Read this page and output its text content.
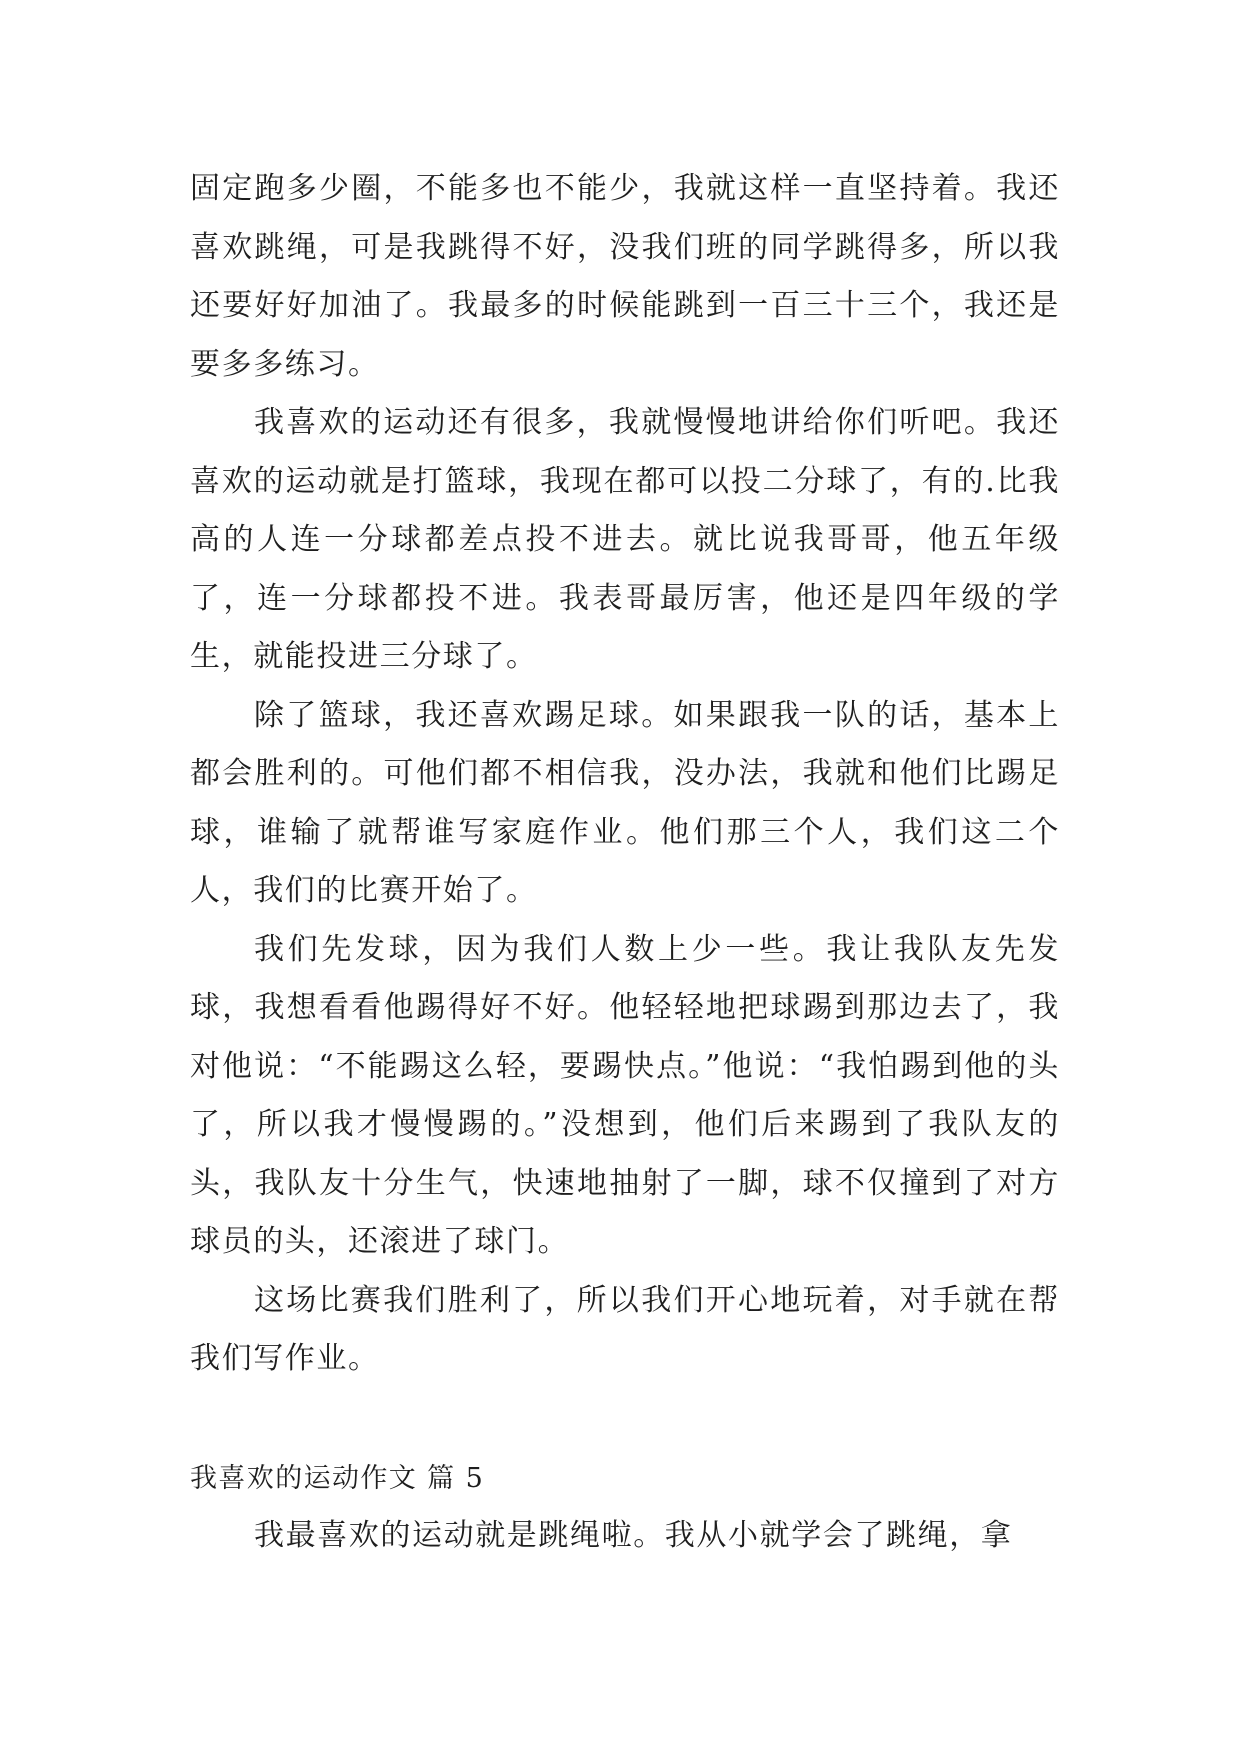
固定跑多少圈，不能多也不能少，我就这样一直坚持着。我还喜欢跳绳，可是我跳得不好，没我们班的同学跳得多，所以我还要好好加油了。我最多的时候能跳到一百三十三个，我还是要多多练习。

我喜欢的运动还有很多，我就慢慢地讲给你们听吧。我还喜欢的运动就是打篮球，我现在都可以投二分球了，有的.比我高的人连一分球都差点投不进去。就比说我哥哥，他五年级了，连一分球都投不进。我表哥最厉害，他还是四年级的学生，就能投进三分球了。

除了篮球，我还喜欢踢足球。如果跟我一队的话，基本上都会胜利的。可他们都不相信我，没办法，我就和他们比踢足球，谁输了就帮谁写家庭作业。他们那三个人，我们这二个人，我们的比赛开始了。

我们先发球，因为我们人数上少一些。我让我队友先发球，我想看看他踢得好不好。他轻轻地把球踢到那边去了，我对他说：“不能踢这么轻，要踢快点。”他说：“我怕踢到他的头了，所以我才慢慢踢的。”没想到，他们后来踢到了我队友的头，我队友十分生气，快速地抽射了一脚，球不仅撞到了对方球员的头，还滚进了球门。

这场比赛我们胜利了，所以我们开心地玩着，对手就在帮我们写作业。

我喜欢的运动作文 篇 5

我最喜欢的运动就是跳绳啦。我从小就学会了跳绳，拿
